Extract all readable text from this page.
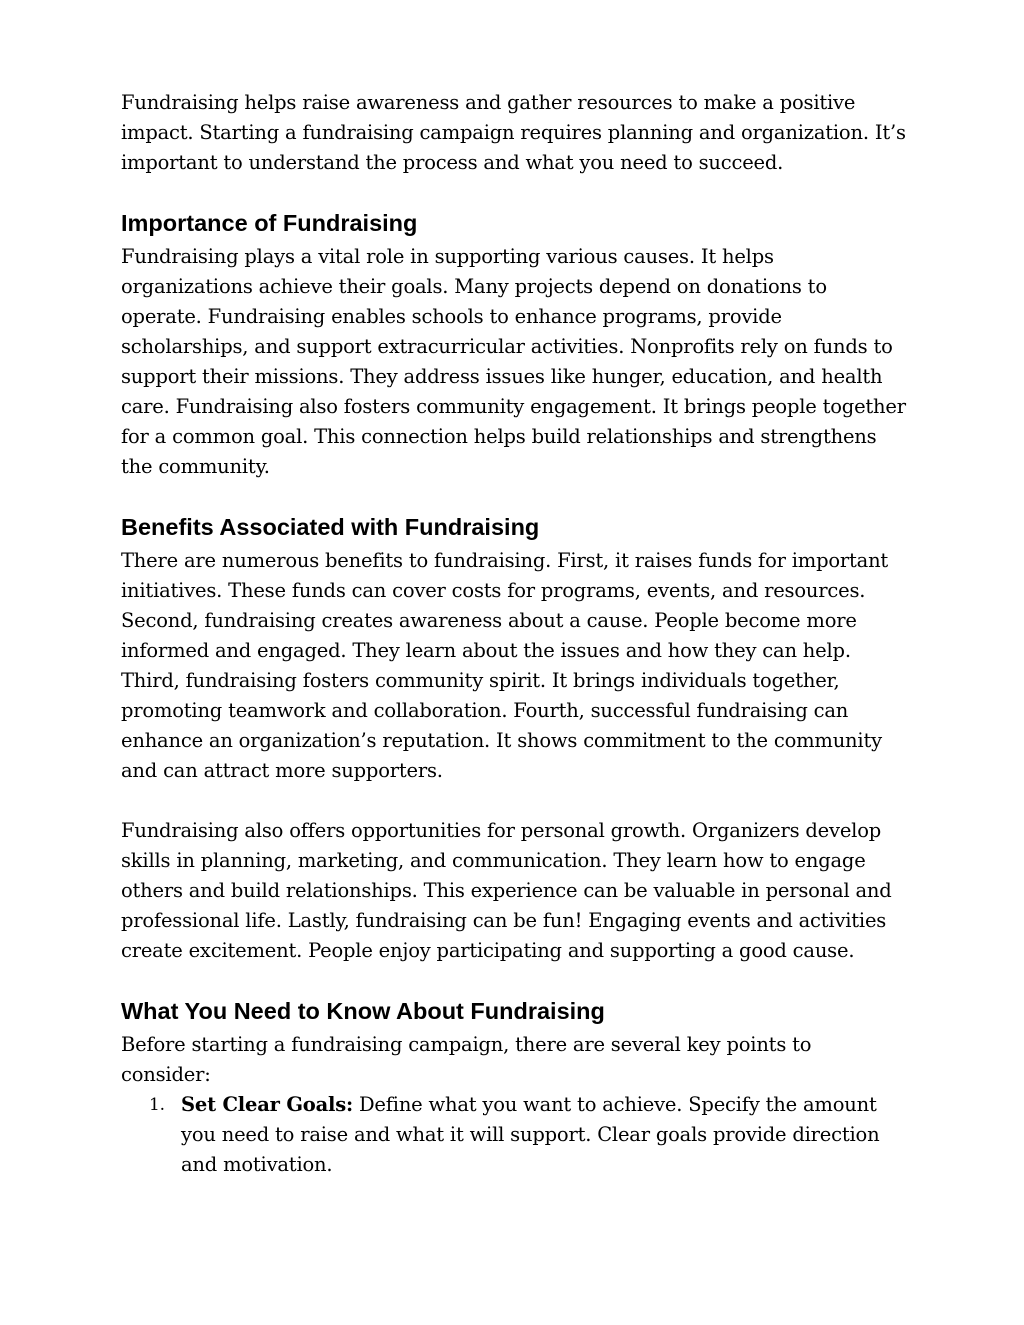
Fundraising helps raise awareness and gather resources to make a positive impact. Starting a fundraising campaign requires planning and organization. It’s important to understand the process and what you need to succeed.

Importance of Fundraising

Fundraising plays a vital role in supporting various causes. It helps organizations achieve their goals. Many projects depend on donations to operate. Fundraising enables schools to enhance programs, provide scholarships, and support extracurricular activities. Nonprofits rely on funds to support their missions. They address issues like hunger, education, and health care. Fundraising also fosters community engagement. It brings people together for a common goal. This connection helps build relationships and strengthens the community.

Benefits Associated with Fundraising

There are numerous benefits to fundraising. First, it raises funds for important initiatives. These funds can cover costs for programs, events, and resources. Second, fundraising creates awareness about a cause. People become more informed and engaged. They learn about the issues and how they can help. Third, fundraising fosters community spirit. It brings individuals together, promoting teamwork and collaboration. Fourth, successful fundraising can enhance an organization’s reputation. It shows commitment to the community and can attract more supporters.

Fundraising also offers opportunities for personal growth. Organizers develop skills in planning, marketing, and communication. They learn how to engage others and build relationships. This experience can be valuable in personal and professional life. Lastly, fundraising can be fun! Engaging events and activities create excitement. People enjoy participating and supporting a good cause.

What You Need to Know About Fundraising

Before starting a fundraising campaign, there are several key points to consider:

1. Set Clear Goals: Define what you want to achieve. Specify the amount you need to raise and what it will support. Clear goals provide direction and motivation.
